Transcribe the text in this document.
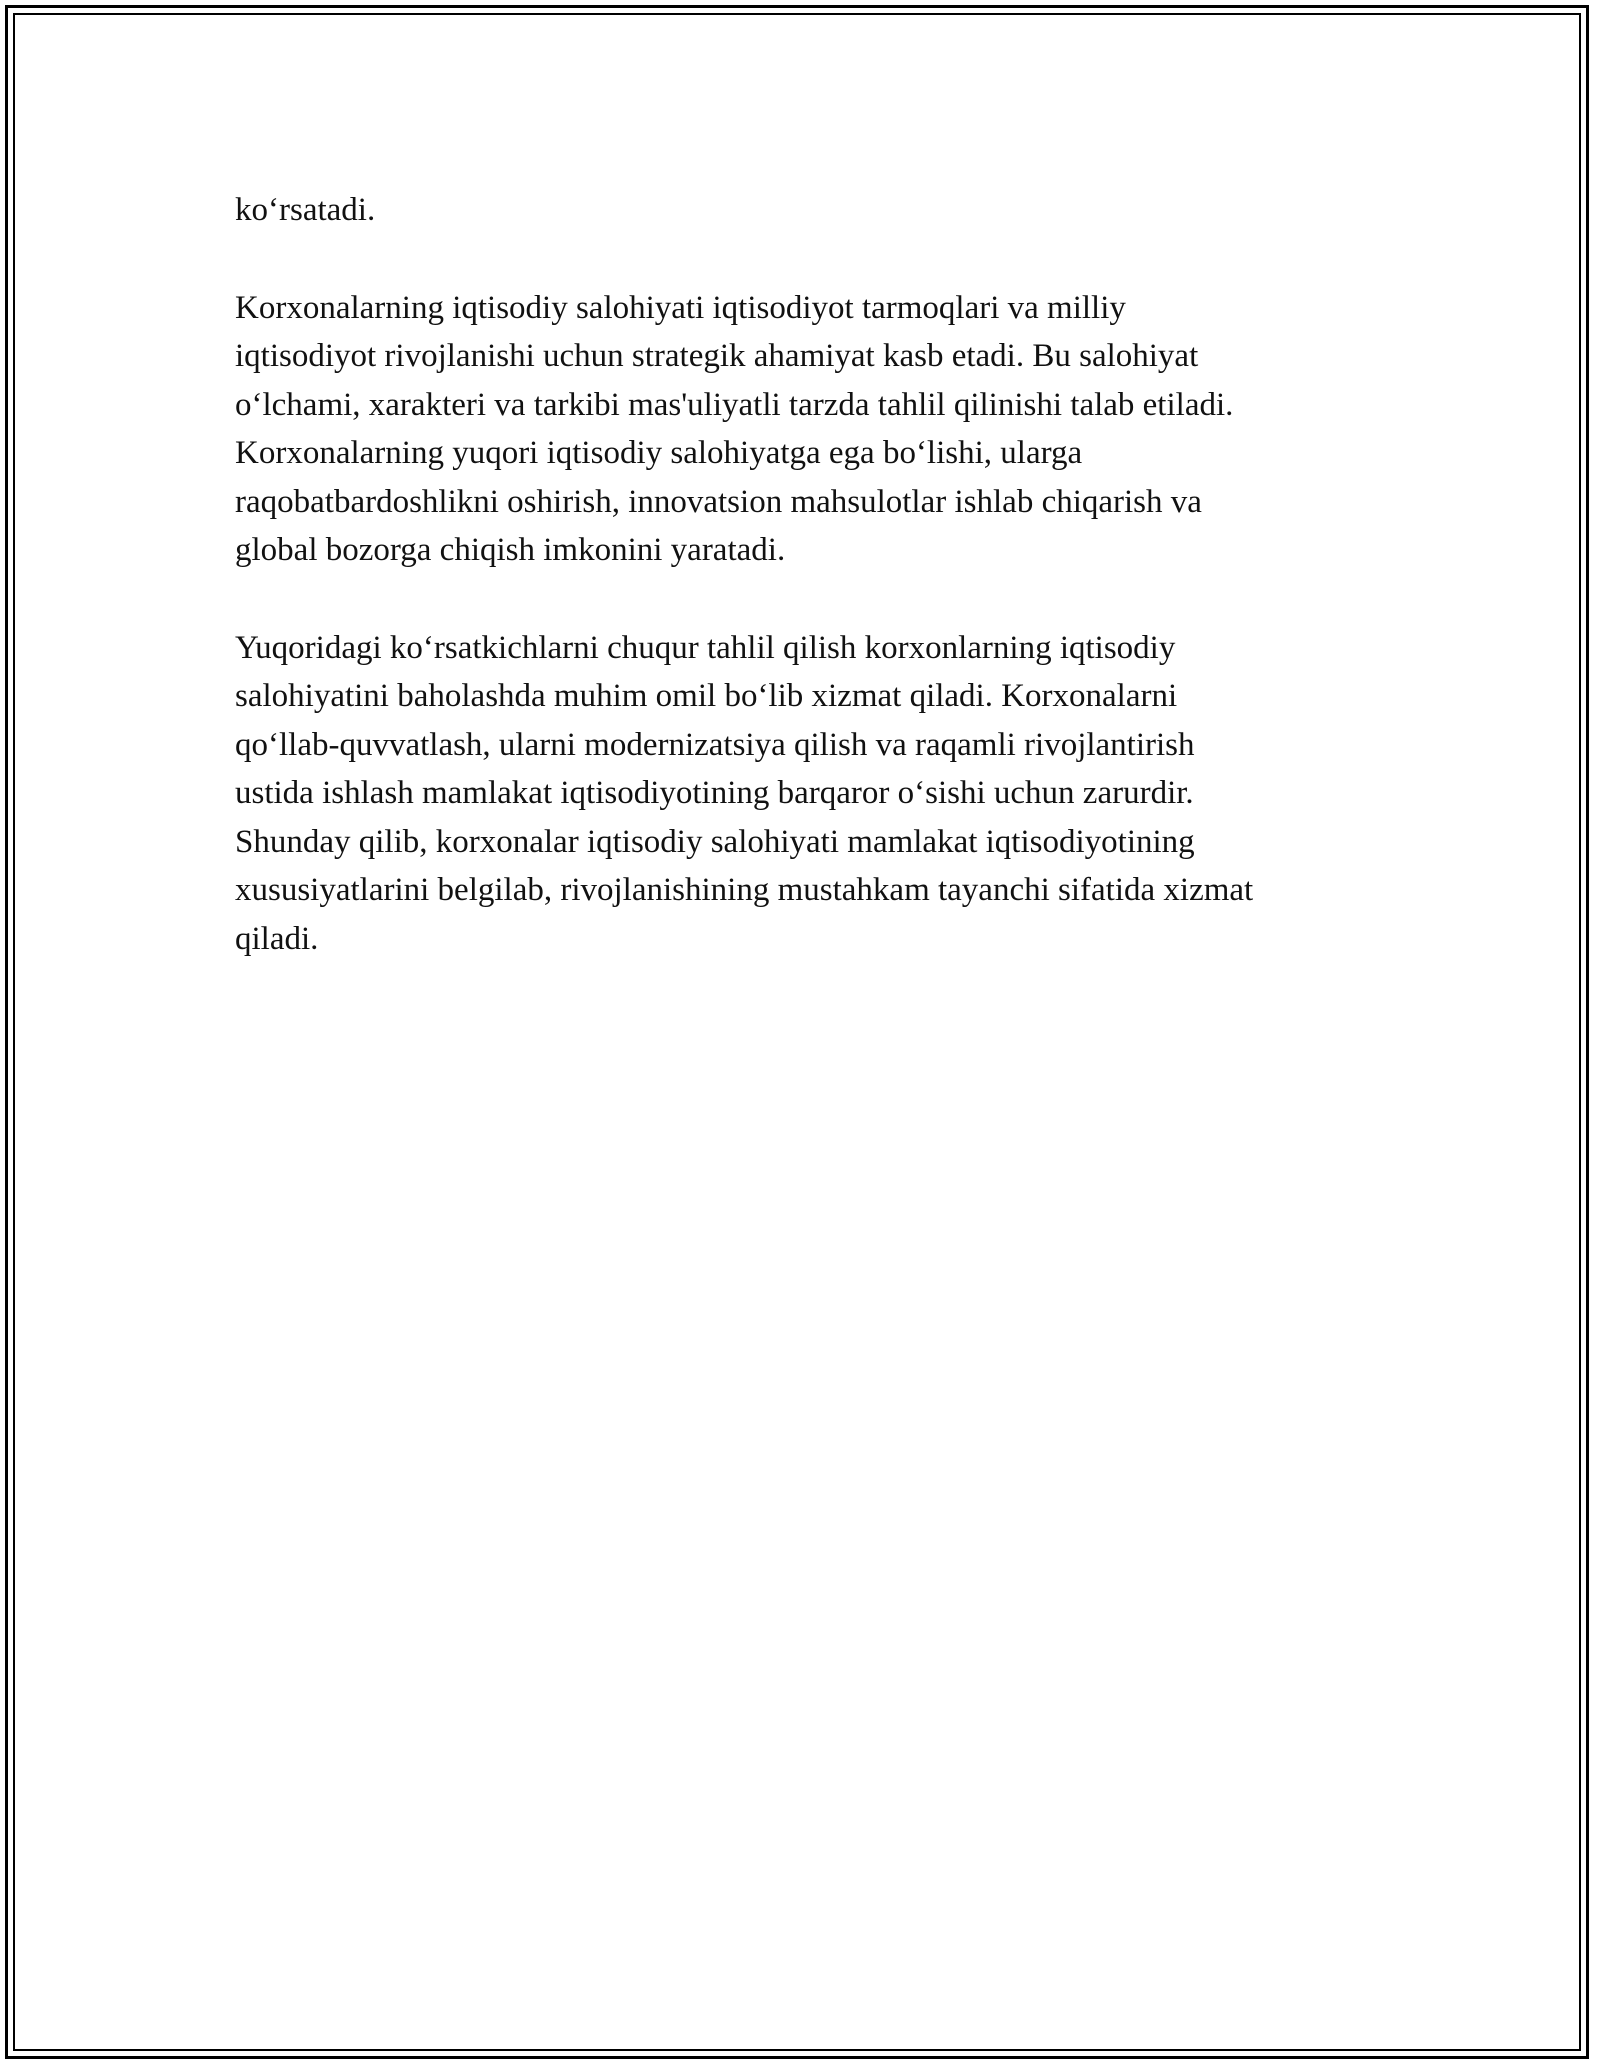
ko‘rsatadi.

Korxonalarning iqtisodiy salohiyati iqtisodiyot tarmoqlari va milliy
iqtisodiyot rivojlanishi uchun strategik ahamiyat kasb etadi. Bu salohiyat
o‘lchami, xarakteri va tarkibi mas'uliyatli tarzda tahlil qilinishi talab etiladi.
Korxonalarning yuqori iqtisodiy salohiyatga ega bo‘lishi, ularga
raqobatbardoshlikni oshirish, innovatsion mahsulotlar ishlab chiqarish va
global bozorga chiqish imkonini yaratadi.

Yuqoridagi ko‘rsatkichlarni chuqur tahlil qilish korxonlarning iqtisodiy
salohiyatini baholashda muhim omil bo‘lib xizmat qiladi. Korxonalarni
qo‘llab-quvvatlash, ularni modernizatsiya qilish va raqamli rivojlantirish
ustida ishlash mamlakat iqtisodiyotining barqaror o‘sishi uchun zarurdir.
Shunday qilib, korxonalar iqtisodiy salohiyati mamlakat iqtisodiyotining
xususiyatlarini belgilab, rivojlanishining mustahkam tayanchi sifatida xizmat
qiladi.
